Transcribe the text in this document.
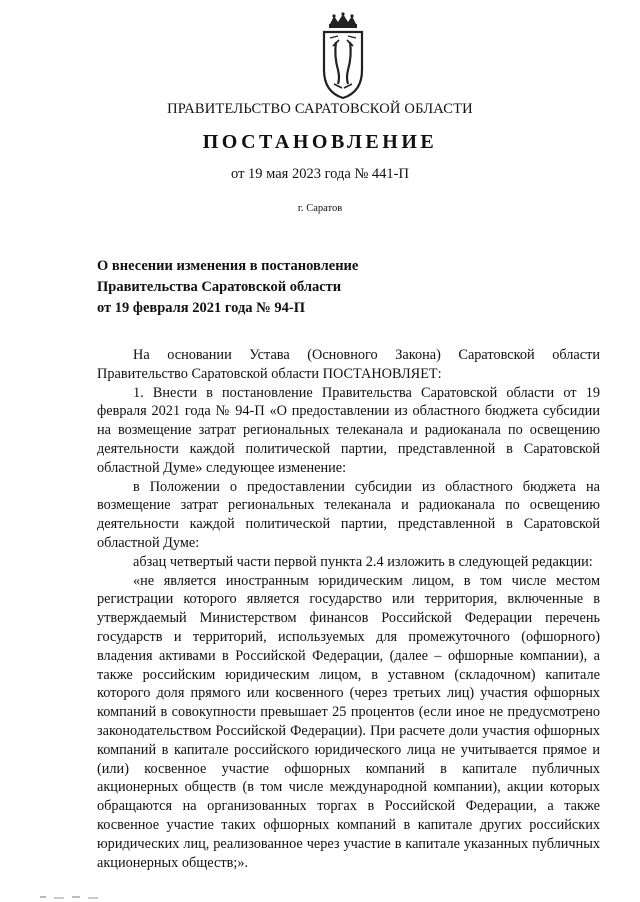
ПРАВИТЕЛЬСТВО САРАТОВСКОЙ ОБЛАСТИ
ПОСТАНОВЛЕНИЕ
от 19 мая 2023 года № 441-П
г. Саратов
О внесении изменения в постановление
Правительства Саратовской области
от 19 февраля 2021 года № 94-П

На основании Устава (Основного Закона) Саратовской области Правительство Саратовской области ПОСТАНОВЛЯЕТ:

1. Внести в постановление Правительства Саратовской области от 19 февраля 2021 года № 94-П «О предоставлении из областного бюджета субсидии на возмещение затрат региональных телеканала и радиоканала по освещению деятельности каждой политической партии, представленной в Саратовской областной Думе» следующее изменение:

в Положении о предоставлении субсидии из областного бюджета на возмещение затрат региональных телеканала и радиоканала по освещению деятельности каждой политической партии, представленной в Саратовской областной Думе:

абзац четвертый части первой пункта 2.4 изложить в следующей редакции:

«не является иностранным юридическим лицом, в том числе местом регистрации которого является государство или территория, включенные в утверждаемый Министерством финансов Российской Федерации перечень государств и территорий, используемых для промежуточного (офшорного) владения активами в Российской Федерации, (далее – офшорные компании), а также российским юридическим лицом, в уставном (складочном) капитале которого доля прямого или косвенного (через третьих лиц) участия офшорных компаний в совокупности превышает 25 процентов (если иное не предусмотрено законодательством Российской Федерации). При расчете доли участия офшорных компаний в капитале российского юридического лица не учитывается прямое и (или) косвенное участие офшорных компаний в капитале публичных акционерных обществ (в том числе международной компании), акции которых обращаются на организованных торгах в Российской Федерации, а также косвенное участие таких офшорных компаний в капитале других российских юридических лиц, реализованное через участие в капитале указанных публичных акционерных обществ;».
